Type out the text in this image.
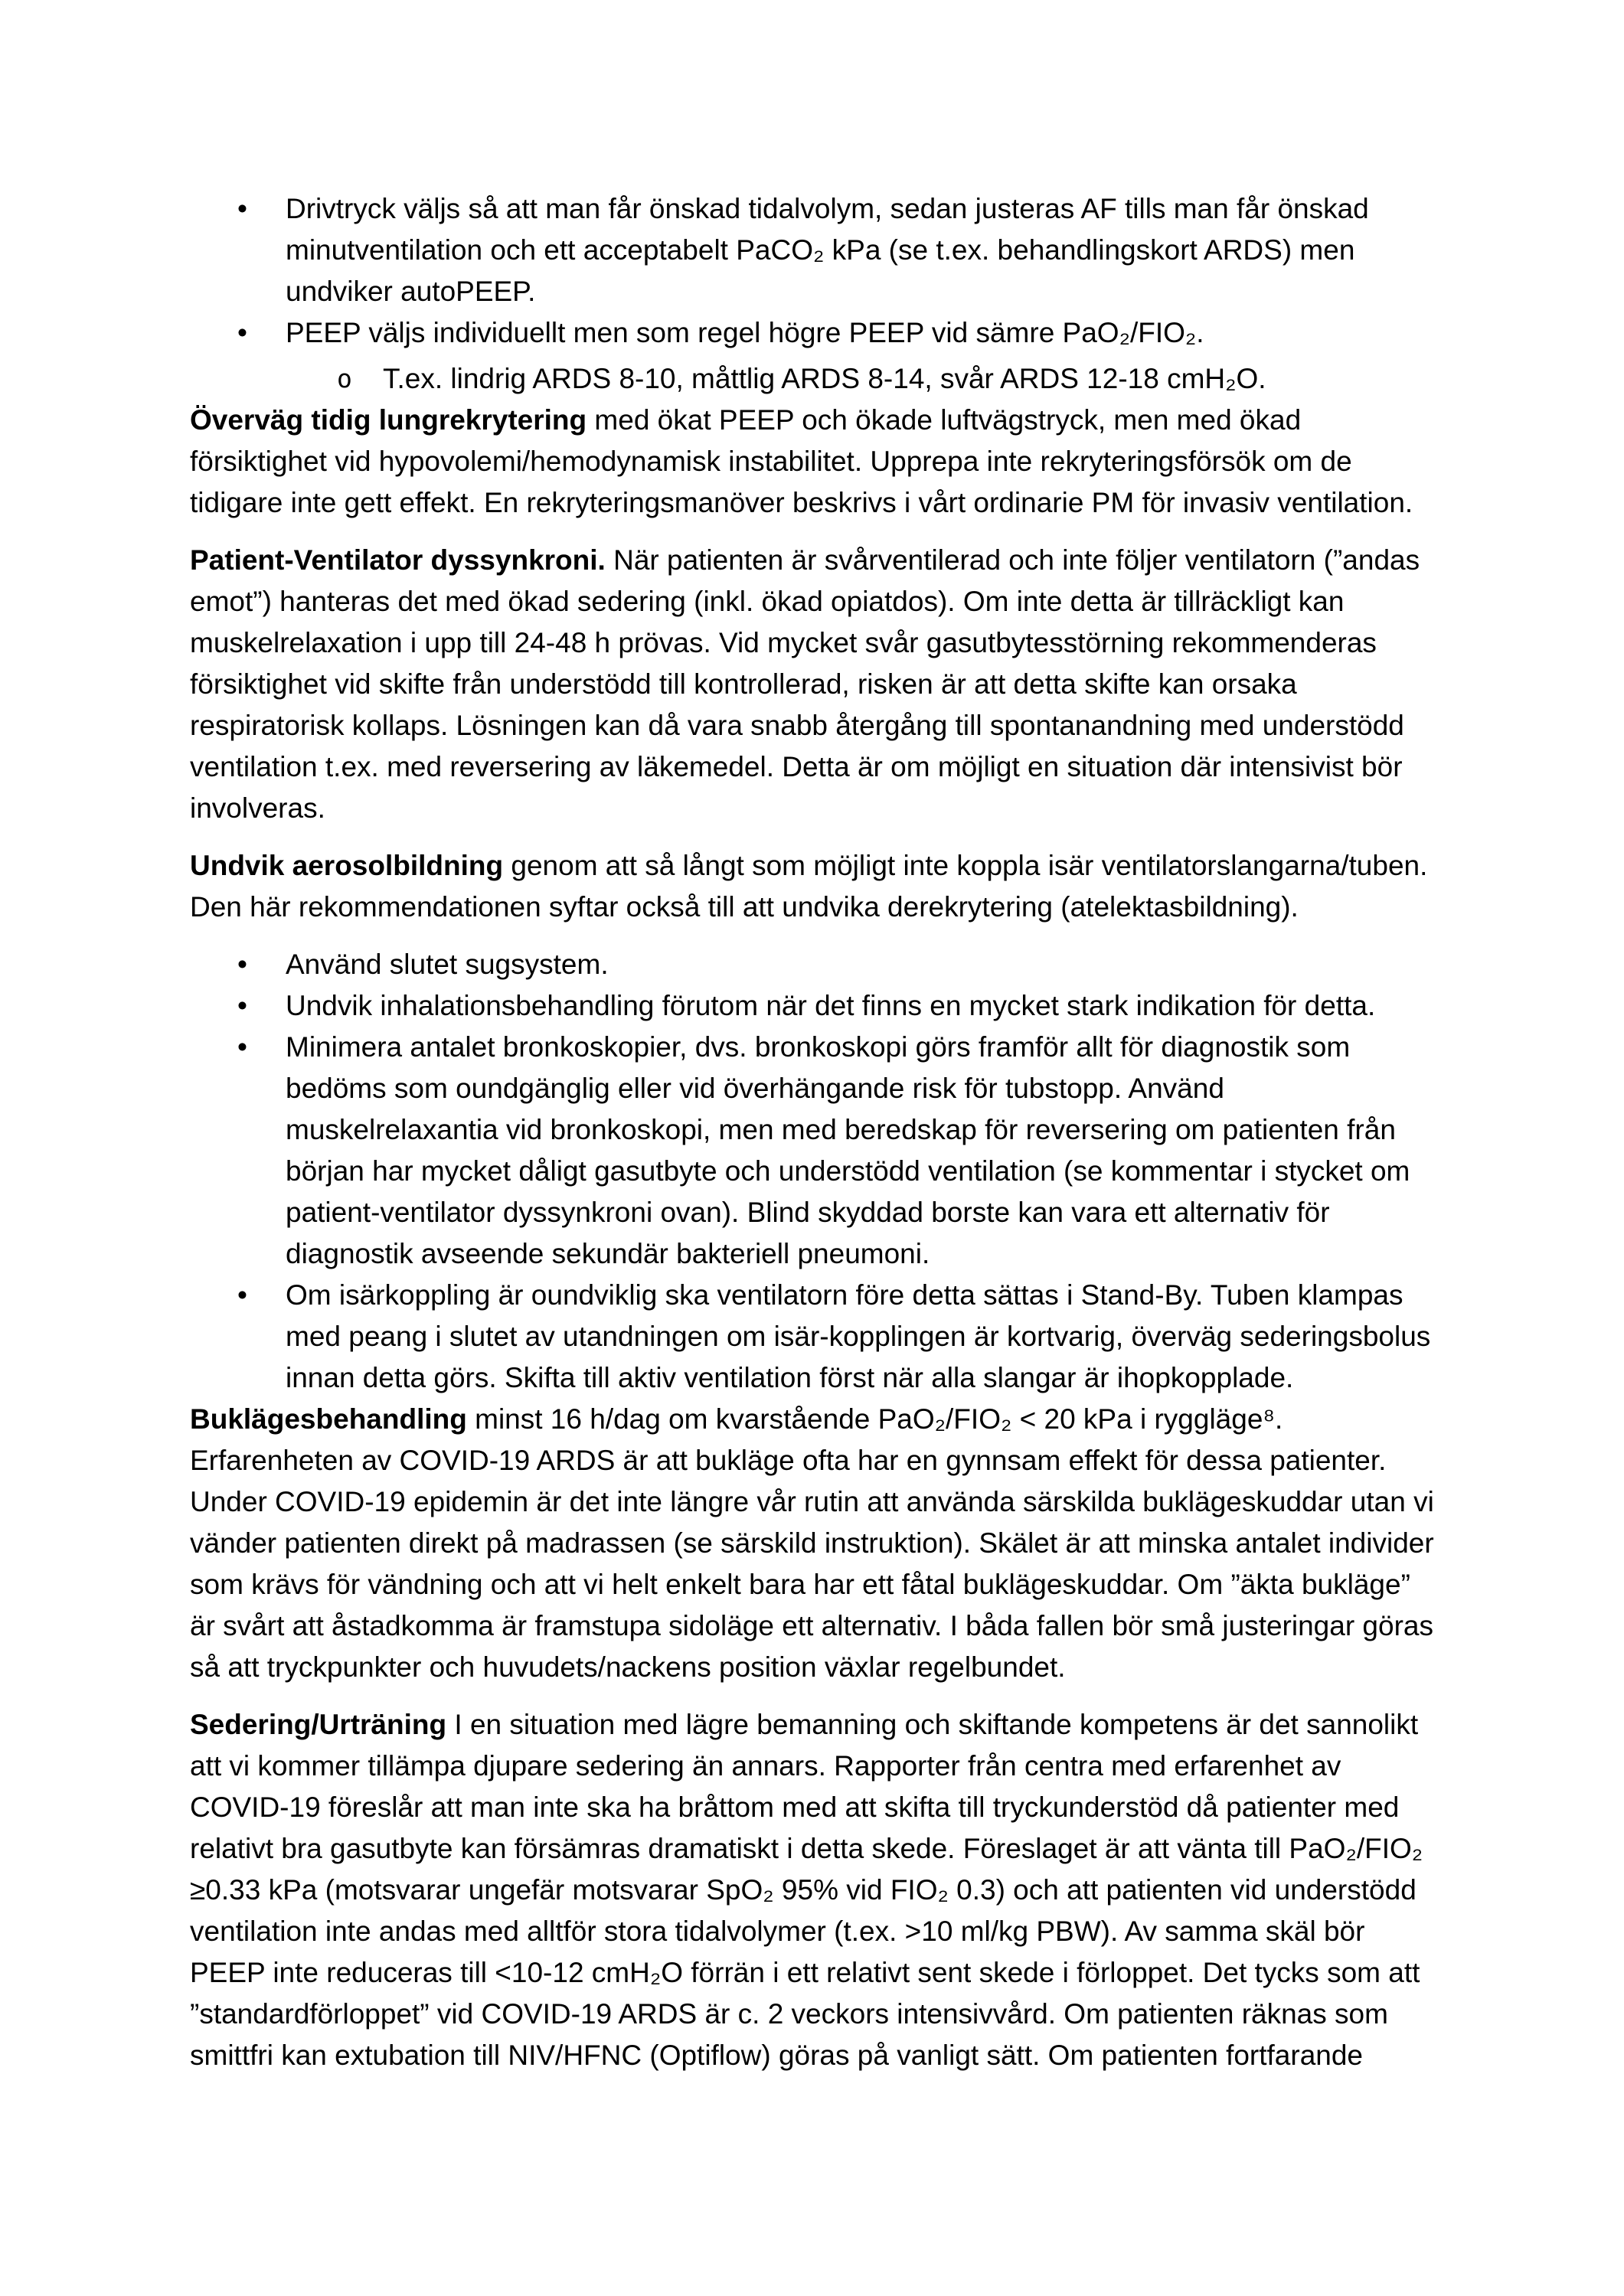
•	Drivtryck väljs så att man får önskad tidalvolym, sedan justeras AF tills man får önskad minutventilation och ett acceptabelt PaCO₂ kPa (se t.ex. behandlingskort ARDS) men undviker autoPEEP.
•	PEEP väljs individuellt men som regel högre PEEP vid sämre PaO₂/FIO₂.
o	T.ex. lindrig ARDS 8-10, måttlig ARDS 8-14, svår ARDS 12-18 cmH₂O.

Överväg tidig lungrekrytering med ökat PEEP och ökade luftvägstryck, men med ökad försiktighet vid hypovolemi/hemodynamisk instabilitet. Upprepa inte rekryteringsförsök om de tidigare inte gett effekt. En rekryteringsmanöver beskrivs i vårt ordinarie PM för invasiv ventilation.

Patient-Ventilator dyssynkroni. När patienten är svårventilerad och inte följer ventilatorn (”andas emot”) hanteras det med ökad sedering (inkl. ökad opiatdos). Om inte detta är tillräckligt kan muskelrelaxation i upp till 24-48 h prövas. Vid mycket svår gasutbytesstörning rekommenderas försiktighet vid skifte från understödd till kontrollerad, risken är att detta skifte kan orsaka respiratorisk kollaps. Lösningen kan då vara snabb återgång till spontanandning med understödd ventilation t.ex. med reversering av läkemedel. Detta är om möjligt en situation där intensivist bör involveras.

Undvik aerosolbildning genom att så långt som möjligt inte koppla isär ventilatorslangarna/tuben. Den här rekommendationen syftar också till att undvika derekrytering (atelektasbildning).

•	Använd slutet sugsystem.
•	Undvik inhalationsbehandling förutom när det finns en mycket stark indikation för detta.
•	Minimera antalet bronkoskopier, dvs. bronkoskopi görs framför allt för diagnostik som bedöms som oundgänglig eller vid överhängande risk för tubstopp. Använd muskelrelaxantia vid bronkoskopi, men med beredskap för reversering om patienten från början har mycket dåligt gasutbyte och understödd ventilation (se kommentar i stycket om patient-ventilator dyssynkroni ovan). Blind skyddad borste kan vara ett alternativ för diagnostik avseende sekundär bakteriell pneumoni.
•	Om isärkoppling är oundviklig ska ventilatorn före detta sättas i Stand-By. Tuben klampas med peang i slutet av utandningen om isär-kopplingen är kortvarig, överväg sederingsbolus innan detta görs. Skifta till aktiv ventilation först när alla slangar är ihopkopplade.

Buklägesbehandling minst 16 h/dag om kvarstående PaO₂/FIO₂ < 20 kPa i ryggläge⁸. Erfarenheten av COVID-19 ARDS är att bukläge ofta har en gynnsam effekt för dessa patienter. Under COVID-19 epidemin är det inte längre vår rutin att använda särskilda buklägeskuddar utan vi vänder patienten direkt på madrassen (se särskild instruktion). Skälet är att minska antalet individer som krävs för vändning och att vi helt enkelt bara har ett fåtal buklägeskuddar. Om ”äkta bukläge” är svårt att åstadkomma är framstupa sidoläge ett alternativ. I båda fallen bör små justeringar göras så att tryckpunkter och huvudets/nackens position växlar regelbundet.

Sedering/Urträning I en situation med lägre bemanning och skiftande kompetens är det sannolikt att vi kommer tillämpa djupare sedering än annars. Rapporter från centra med erfarenhet av COVID-19 föreslår att man inte ska ha bråttom med att skifta till tryckunderstöd då patienter med relativt bra gasutbyte kan försämras dramatiskt i detta skede. Föreslaget är att vänta till PaO₂/FIO₂ ≥0.33 kPa (motsvarar ungefär motsvarar SpO₂ 95% vid FIO₂ 0.3) och att patienten vid understödd ventilation inte andas med alltför stora tidalvolymer (t.ex. >10 ml/kg PBW). Av samma skäl bör PEEP inte reduceras till <10-12 cmH₂O förrän i ett relativt sent skede i förloppet. Det tycks som att ”standardförloppet” vid COVID-19 ARDS är c. 2 veckors intensivvård. Om patienten räknas som smittfri kan extubation till NIV/HFNC (Optiflow) göras på vanligt sätt. Om patienten fortfarande
